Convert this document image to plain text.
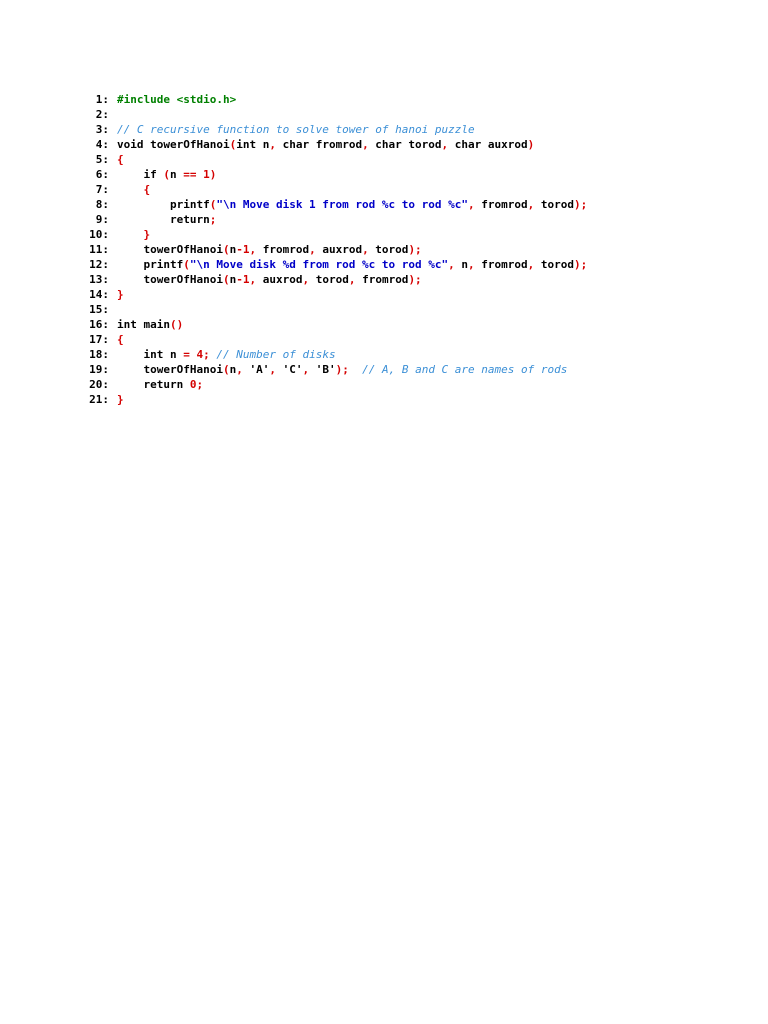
1: #include <stdio.h>
2:
3: // C recursive function to solve tower of hanoi puzzle
4: void towerOfHanoi(int n, char fromrod, char torod, char auxrod)
5: {
6:    if (n == 1)
7:	{
8:        printf("\n Move disk 1 from rod %c to rod %c", fromrod, torod);
9:        return;
10:	}
11:    towerOfHanoi(n-1, fromrod, auxrod, torod);
12:    printf("\n Move disk %d from rod %c to rod %c", n, fromrod, torod);
13:    towerOfHanoi(n-1, auxrod, torod, fromrod);
14: }
15:
16: int main()
17: {
18:    int n = 4; // Number of disks
19:    towerOfHanoi(n, 'A', 'C', 'B');  // A, B and C are names of rods
20:    return 0;
21: }
